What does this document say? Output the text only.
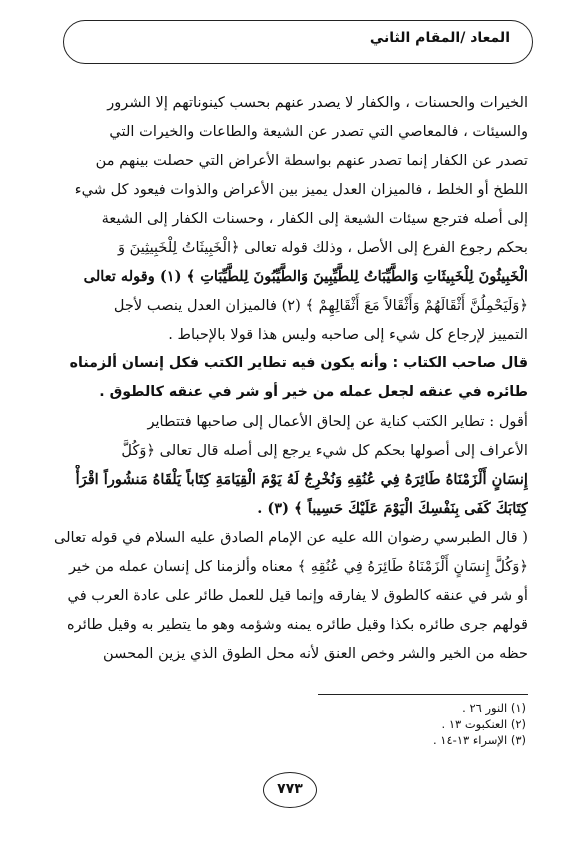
المعاد /المقام الثاني
الخيرات والحسنات ، والكفار لا يصدر عنهم بحسب كينوناتهم إلا الشرور
والسيئات ، فالمعاصي التي تصدر عن الشيعة والطاعات والخيرات التي
تصدر عن الكفار إنما تصدر عنهم بواسطة الأعراض التي حصلت بينهم من
اللطخ أو الخلط ، فالميزان العدل يميز بين الأعراض والذوات فيعود كل شيء
إلى أصله فترجع سيئات الشيعة إلى الكفار ، وحسنات الكفار إلى الشيعة
بحكم رجوع الفرع إلى الأصل ، وذلك قوله تعالى ﴿الْخَبِيثَاتُ لِلْخَبِيثِينَ وَ
الْخَبِيثُونَ لِلْخَبِيثَاتِ وَالطَّيِّبَاتُ لِلطَّيِّبِينَ وَالطَّيِّبُونَ لِلطَّيِّبَاتِ ﴾ (١) وقوله تعالى
﴿وَلَيَحْمِلُنَّ أَثْقَالَهُمْ وَأَثْقَالاً مَعَ أَثْقَالِهِمْ ﴾ (٢) فالميزان العدل ينصب لأجل
التمييز لإرجاع كل شيء إلى صاحبه وليس هذا قولا بالإحباط .
قال صاحب الكتاب : وأنه يكون فيه تطاير الكتب فكل إنسان ألزمناه
طائره في عنقه لجعل عمله من خير أو شر في عنقه كالطوق .
أقول : تطاير الكتب كناية عن إلحاق الأعمال إلى صاحبها فتتطاير
الأعراف إلى أصولها بحكم كل شيء يرجع إلى أصله قال تعالى ﴿وَكُلَّ
إِنسَانٍ أَلْزَمْنَاهُ طَائِرَهُ فِي عُنُقِهِ وَنُخْرِجُ لَهُ يَوْمَ الْقِيَامَةِ كِتَاباً يَلْقَاهُ مَنشُوراً اقْرَأْ
كِتَابَكَ كَفَى بِنَفْسِكَ الْيَوْمَ عَلَيْكَ حَسِيباً ﴾ (٣) .
( قال الطبرسي رضوان الله عليه عن الإمام الصادق عليه السلام في قوله تعالى
﴿وَكُلَّ إِنسَانٍ أَلْزَمْنَاهُ طَائِرَهُ فِي عُنُقِهِ ﴾ معناه وألزمنا كل إنسان عمله من خير
أو شر في عنقه كالطوق لا يفارقه وإنما قيل للعمل طائر على عادة العرب في
قولهم جرى طائره بكذا وقيل طائره يمنه وشؤمه وهو ما يتطير به وقيل طائره
حظه من الخير والشر وخص العنق لأنه محل الطوق الذي يزين المحسن
(١) النور ٢٦ .
(٢) العنكبوت ١٣ .
(٣) الإسراء ١٣-١٤ .
٧٧٣
